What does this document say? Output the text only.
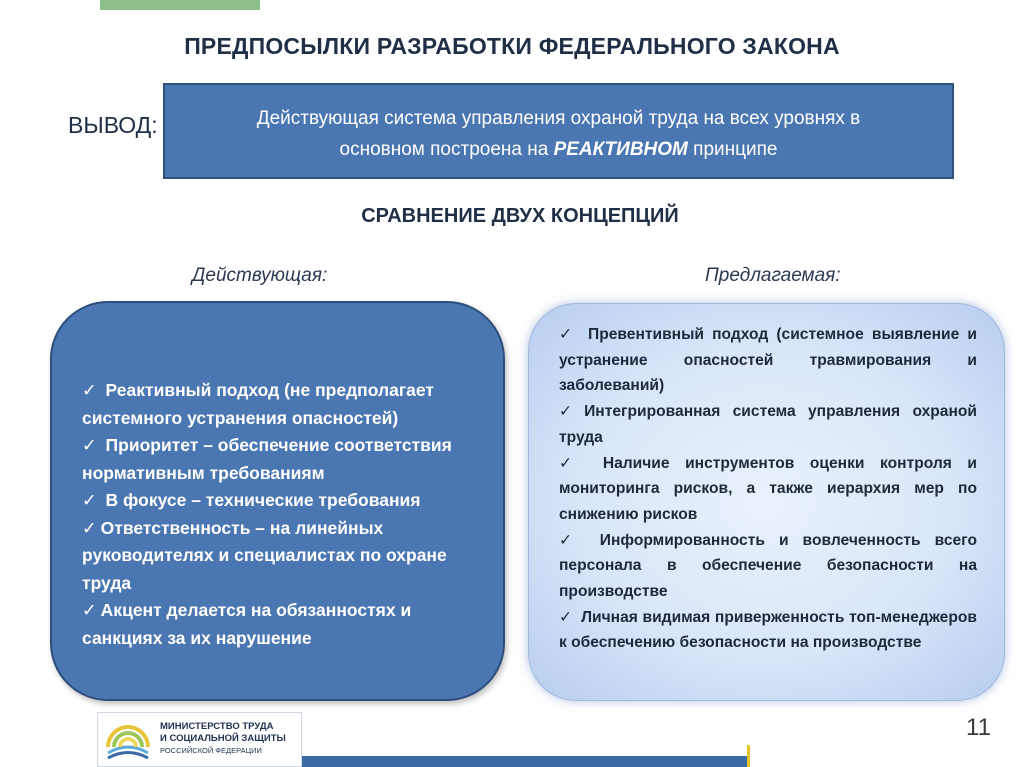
ПРЕДПОСЫЛКИ РАЗРАБОТКИ ФЕДЕРАЛЬНОГО ЗАКОНА
ВЫВОД:	Действующая система управления охраной труда на всех уровнях в
основном построена на РЕАКТИВНОМ принципе
СРАВНЕНИЕ ДВУХ КОНЦЕПЦИЙ
Действующая:	Предлагаемая:
✓ Реактивный подход (не предполагает системного устранения опасностей)
✓ Приоритет – обеспечение соответствия нормативным требованиям
✓ В фокусе – технические требования
✓ Ответственность – на линейных руководителях и специалистах по охране труда
✓ Акцент делается на обязанностях и санкциях за их нарушение
✓ Превентивный подход (системное выявление и устранение опасностей травмирования и заболеваний)
✓ Интегрированная система управления охраной труда
✓ Наличие инструментов оценки контроля и мониторинга рисков, а также иерархия мер по снижению рисков
✓ Информированность и вовлеченность всего персонала в обеспечение безопасности на производстве
✓ Личная видимая приверженность топ-менеджеров к обеспечению безопасности на производстве
МИНИСТЕРСТВО ТРУДА
И СОЦИАЛЬНОЙ ЗАЩИТЫ
РОССИЙСКОЙ ФЕДЕРАЦИИ
11
